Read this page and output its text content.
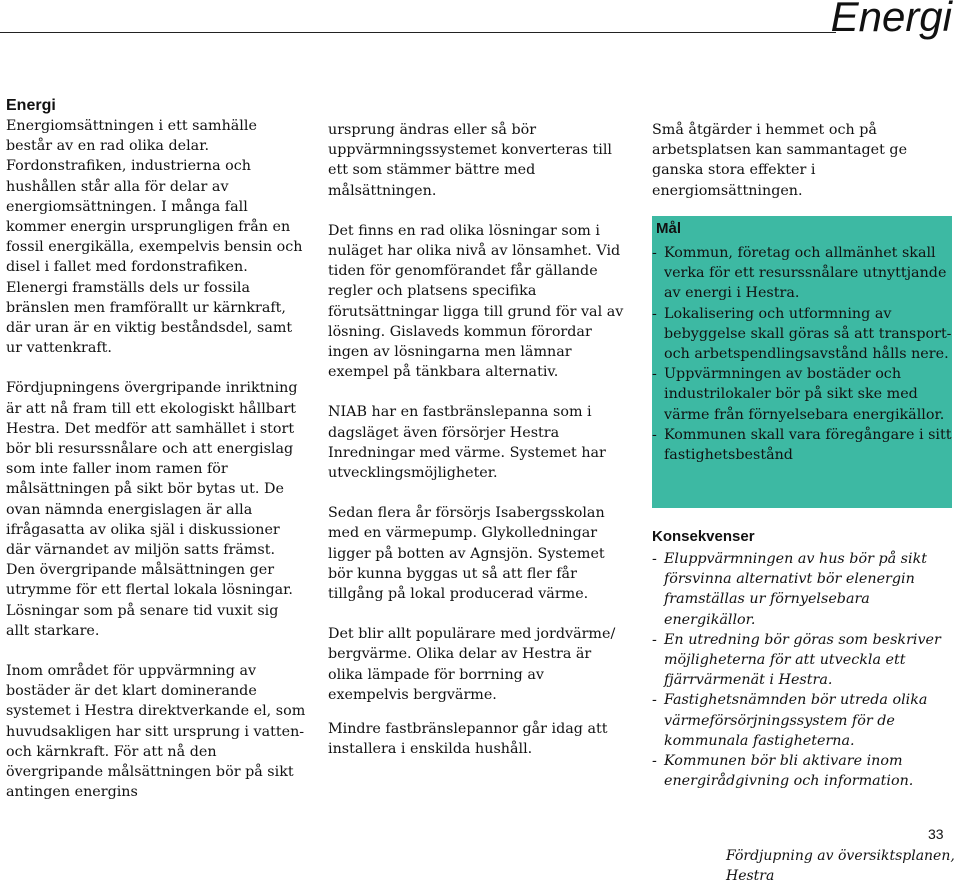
Energi

Energi

Energiomsättningen i ett samhälle består av en rad olika delar. Fordonstrafiken, industrierna och hushållen står alla för delar av energiomsättningen. I många fall kommer energin ursprungligen från en fossil energikälla, exempelvis bensin och disel i fallet med fordonstrafiken. Elenergi framställs dels ur fossila bränslen men framförallt ur kärnkraft, där uran är en viktig beståndsdel, samt ur vattenkraft.

Fördjupningens övergripande inriktning är att nå fram till ett ekologiskt hållbart Hestra. Det medför att samhället i stort bör bli resurssnålare och att energislag som inte faller inom ramen för målsättningen på sikt bör bytas ut. De ovan nämnda energislagen är alla ifrågasatta av olika själ i diskussioner där värnandet av miljön satts främst. Den övergripande målsättningen ger utrymme för ett flertal lokala lösningar. Lösningar som på senare tid vuxit sig allt starkare.

Inom området för uppvärmning av bostäder är det klart dominerande systemet i Hestra direktverkande el, som huvudsakligen har sitt ursprung i vatten- och kärnkraft. För att nå den övergripande målsättningen bör på sikt antingen energins

ursprung ändras eller så bör uppvärmningssystemet konverteras till ett som stämmer bättre med målsättningen.

Det finns en rad olika lösningar som i nuläget har olika nivå av lönsamhet. Vid tiden för genomförandet får gällande regler och platsens specifika förutsättningar ligga till grund för val av lösning. Gislaveds kommun förordar ingen av lösningarna men lämnar exempel på tänkbara alternativ.

NIAB har en fastbränslepanna som i dagsläget även försörjer Hestra Inredningar med värme. Systemet har utvecklingsmöjligheter.

Sedan flera år försörjs Isabergsskolan med en värmepump. Glykolledningar ligger på botten av Agnsjön. Systemet bör kunna byggas ut så att fler får tillgång på lokal producerad värme.

Det blir allt populärare med jordvärme/ bergvärme. Olika delar av Hestra är olika lämpade för borrning av exempelvis bergvärme.

Mindre fastbränslepannor går idag att installera i enskilda hushåll.

Små åtgärder i hemmet och på arbetsplatsen kan sammantaget ge ganska stora effekter i energiomsättningen.

Mål
- Kommun, företag och allmänhet skall verka för ett resurssnålare utnyttjande av energi i Hestra.
- Lokalisering och utformning av bebyggelse skall göras så att transport- och arbetspendlingsavstånd hålls nere.
- Uppvärmningen av bostäder och industrilokaler bör på sikt ske med värme från förnyelsebara energikällor.
- Kommunen skall vara föregångare i sitt fastighetsbestånd
Konsekvenser
- Eluppvärmningen av hus bör på sikt försvinna alternativt bör elenergin framställas ur förnyelsebara energikällor.
- En utredning bör göras som beskriver möjligheterna för att utveckla ett fjärrvärmenät i Hestra.
- Fastighetsnämnden bör utreda olika värmeförsörjningssystem för de kommunala fastigheterna.
- Kommunen bör bli aktivare inom energirådgivning och information.
33
Fördjupning av översiktsplanen, Hestra
